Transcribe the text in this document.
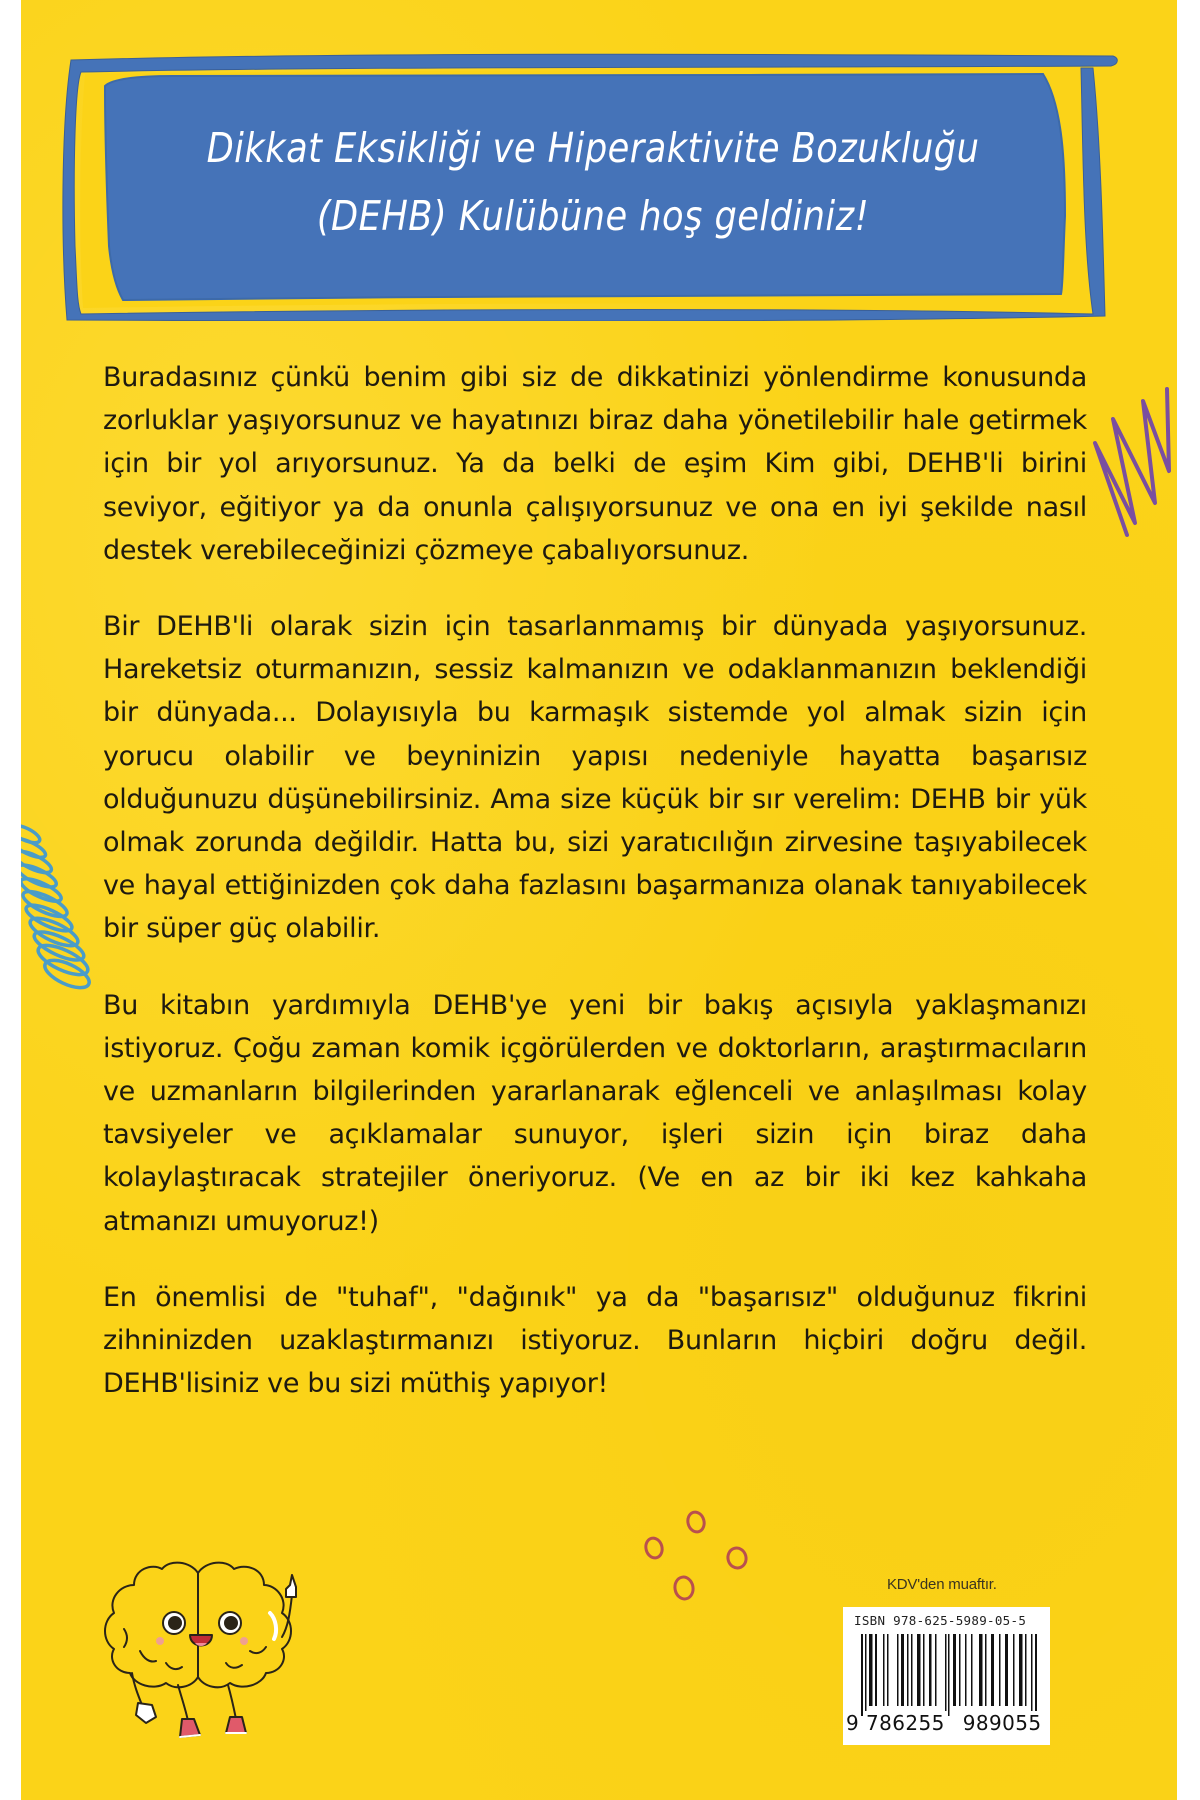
Dikkat Eksikliği ve Hiperaktivite Bozukluğu
(DEHB) Kulübüne hoş geldiniz!

Buradasınız çünkü benim gibi siz de dikkatinizi yönlendirme konusunda zorluklar yaşıyorsunuz ve hayatınızı biraz daha yönetilebilir hale getirmek için bir yol arıyorsunuz. Ya da belki de eşim Kim gibi, DEHB'li birini seviyor, eğitiyor ya da onunla çalışıyorsunuz ve ona en iyi şekilde nasıl destek verebileceğinizi çözmeye çabalıyorsunuz.

Bir DEHB'li olarak sizin için tasarlanmamış bir dünyada yaşıyorsunuz. Hareketsiz oturmanızın, sessiz kalmanızın ve odaklanmanızın beklendiği bir dünyada... Dolayısıyla bu karmaşık sistemde yol almak sizin için yorucu olabilir ve beyninizin yapısı nedeniyle hayatta başarısız olduğunuzu düşünebilirsiniz. Ama size küçük bir sır verelim: DEHB bir yük olmak zorunda değildir. Hatta bu, sizi yaratıcılığın zirvesine taşıyabilecek ve hayal ettiğinizden çok daha fazlasını başarmanıza olanak tanıyabilecek bir süper güç olabilir.

Bu kitabın yardımıyla DEHB'ye yeni bir bakış açısıyla yaklaşmanızı istiyoruz. Çoğu zaman komik içgörülerden ve doktorların, araştırmacıların ve uzmanların bilgilerinden yararlanarak eğlenceli ve anlaşılması kolay tavsiyeler ve açıklamalar sunuyor, işleri sizin için biraz daha kolaylaştıracak stratejiler öneriyoruz. (Ve en az bir iki kez kahkaha atmanızı umuyoruz!)

En önemlisi de "tuhaf", "dağınık" ya da "başarısız" olduğunuz fikrini zihninizden uzaklaştırmanızı istiyoruz. Bunların hiçbiri doğru değil. DEHB'lisiniz ve bu sizi müthiş yapıyor!

KDV'den muaftır.
ISBN 978-625-5989-05-5
9 786255 989055
